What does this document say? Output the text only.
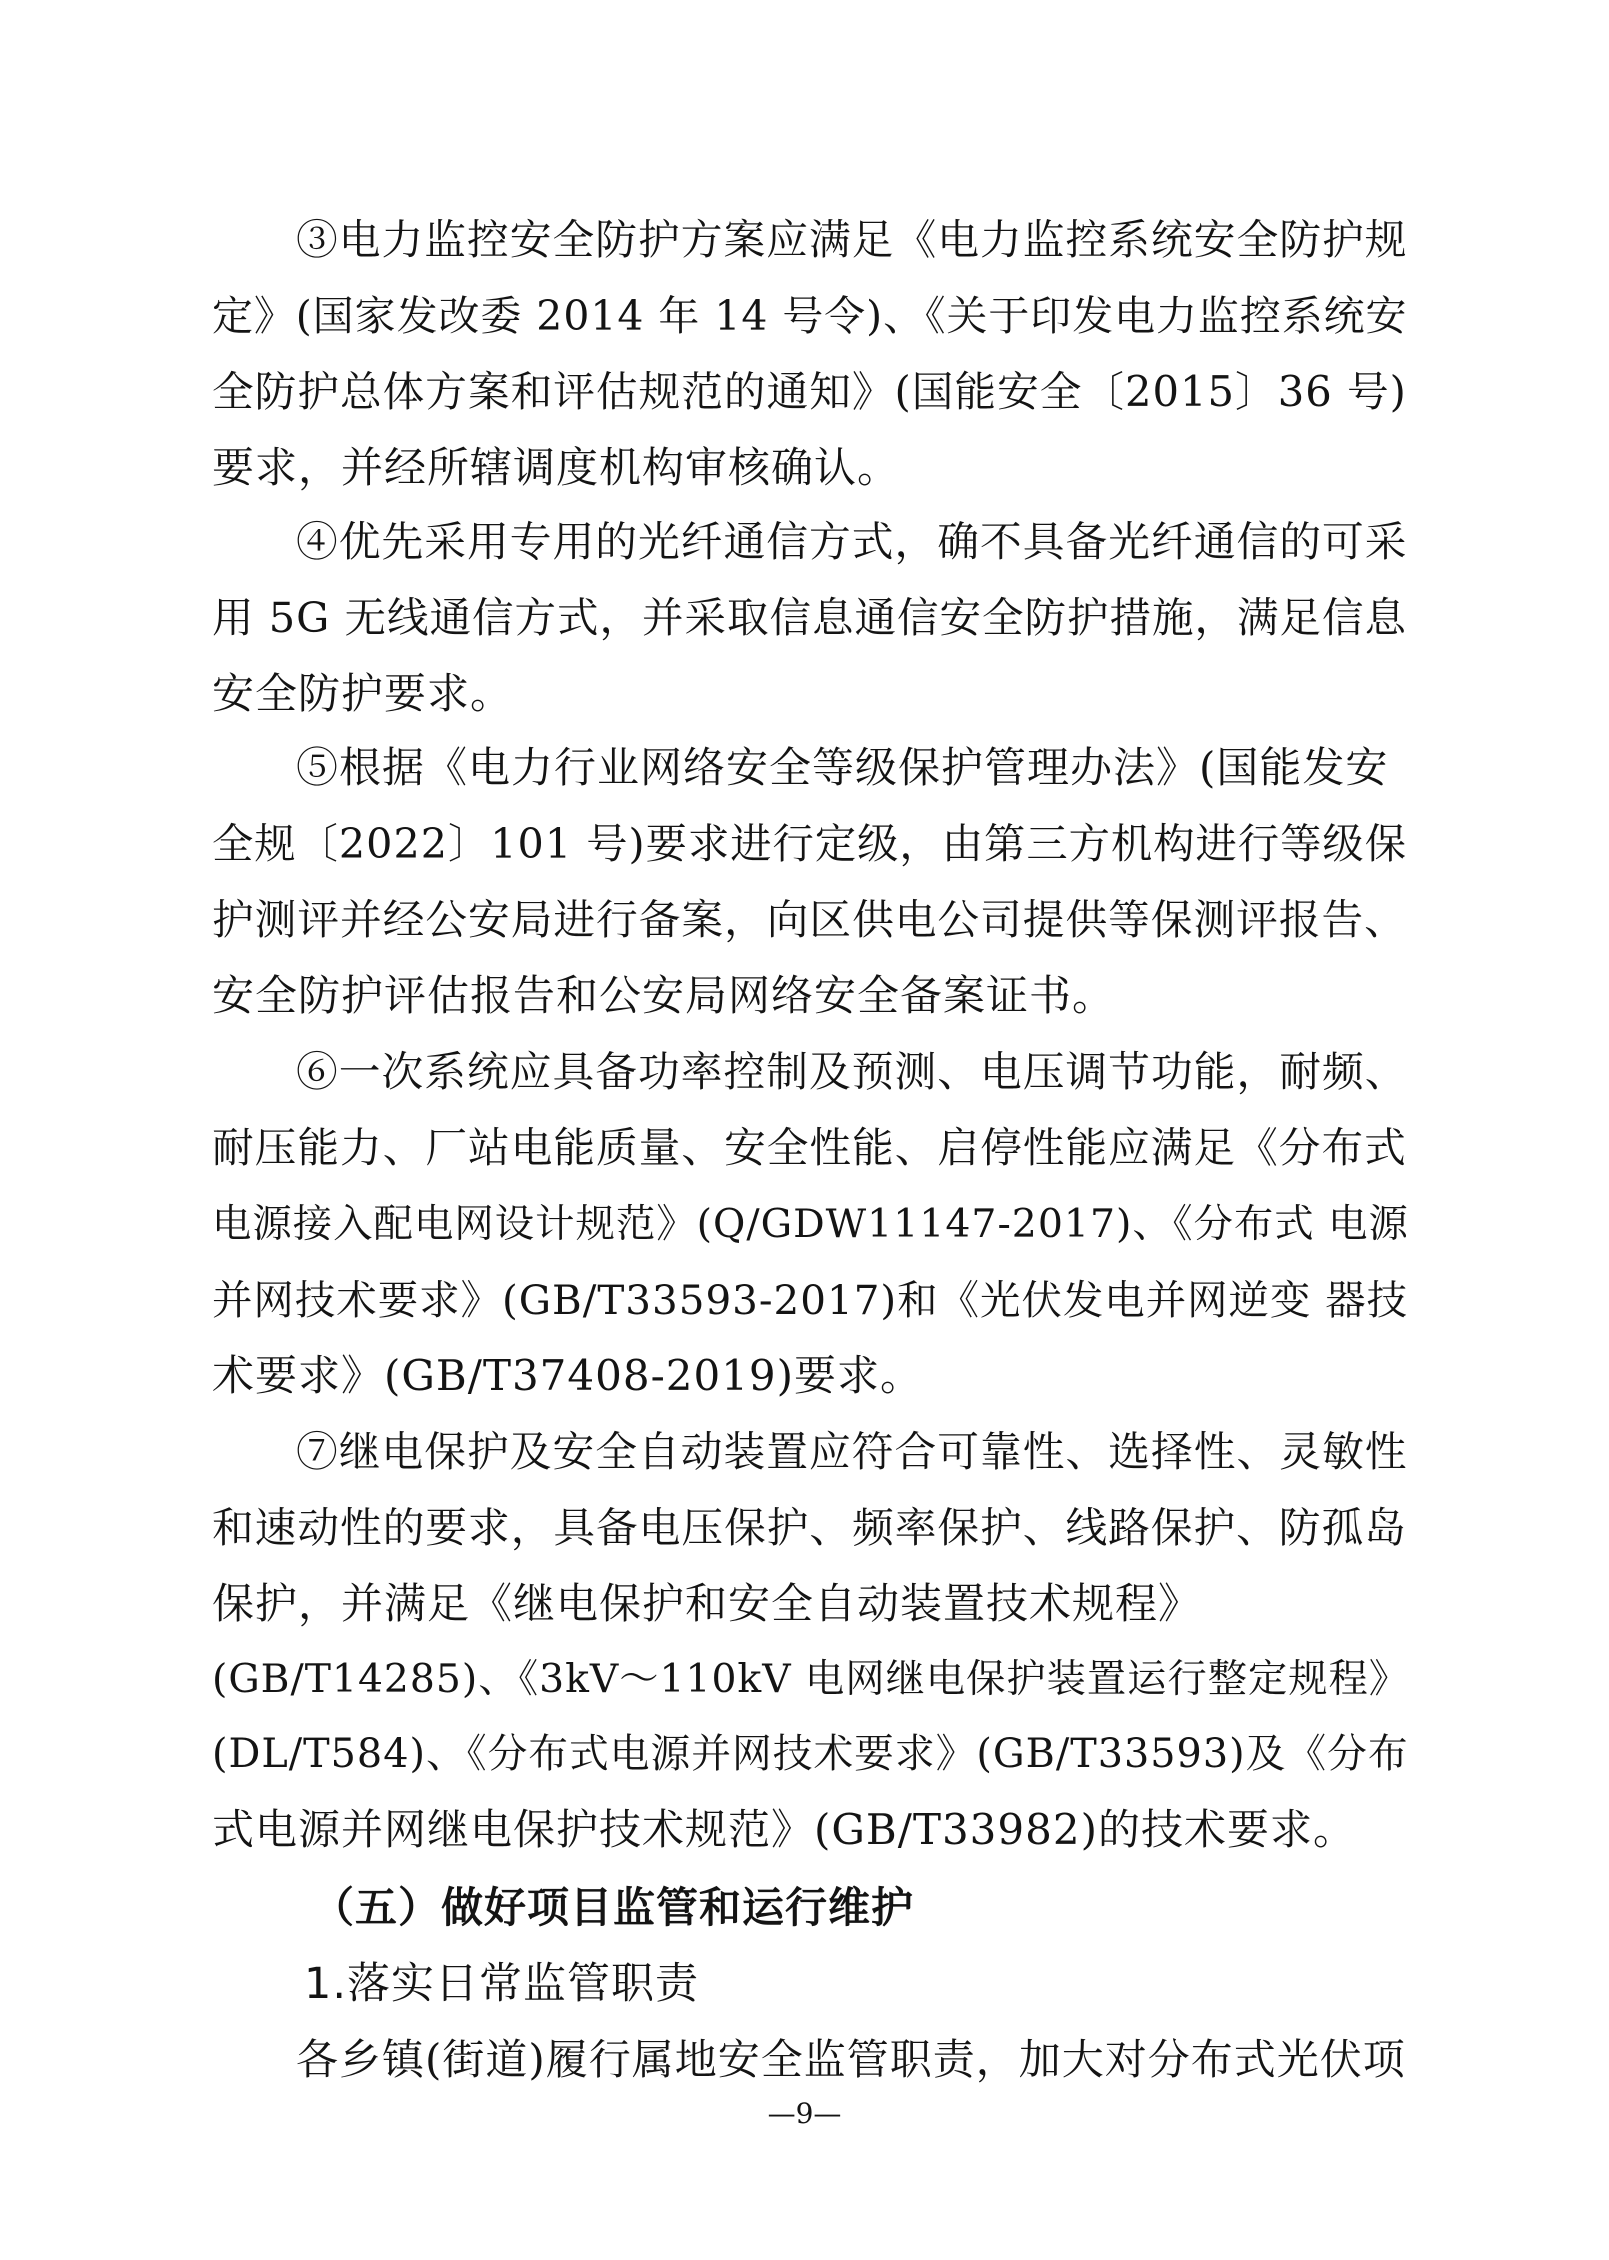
③电力监控安全防护方案应满足《电力监控系统安全防护规
定》(国家发改委 2014 年 14 号令)、《关于印发电力监控系统安
全防护总体方案和评估规范的通知》(国能安全〔2015〕36 号)
要求，并经所辖调度机构审核确认。
④优先采用专用的光纤通信方式，确不具备光纤通信的可采
用 5G 无线通信方式，并采取信息通信安全防护措施，满足信息
安全防护要求。
⑤根据《电力行业网络安全等级保护管理办法》(国能发安
全规〔2022〕101 号)要求进行定级，由第三方机构进行等级保
护测评并经公安局进行备案，向区供电公司提供等保测评报告、
安全防护评估报告和公安局网络安全备案证书。
⑥一次系统应具备功率控制及预测、电压调节功能，耐频、
耐压能力、厂站电能质量、安全性能、启停性能应满足《分布式
电源接入配电网设计规范》(Q/GDW11147-2017)、《分布式 电源
并网技术要求》(GB/T33593-2017)和《光伏发电并网逆变 器技
术要求》(GB/T37408-2019)要求。
⑦继电保护及安全自动装置应符合可靠性、选择性、灵敏性
和速动性的要求，具备电压保护、频率保护、线路保护、防孤岛
保护，并满足《继电保护和安全自动装置技术规程》
(GB/T14285)、《3kV～110kV 电网继电保护装置运行整定规程》
(DL/T584)、《分布式电源并网技术要求》(GB/T33593)及《分布
式电源并网继电保护技术规范》(GB/T33982)的技术要求。
（五）做好项目监管和运行维护
1.落实日常监管职责
各乡镇(街道)履行属地安全监管职责，加大对分布式光伏项
—9—
